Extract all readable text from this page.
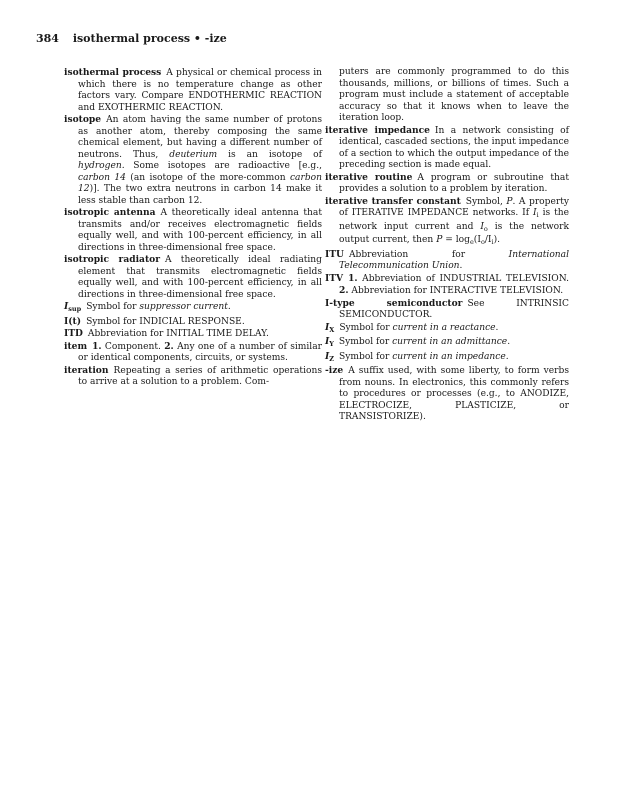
384 isothermal process • -ize

isothermal process A physical or chemical process in which there is no temperature change as other factors vary. Compare ENDOTHERMIC REACTION and EXOTHERMIC REACTION.

isotope An atom having the same number of protons as another atom, thereby composing the same chemical element, but having a different number of neutrons. Thus, deuterium is an isotope of hydrogen. Some isotopes are radioactive [e.g., carbon 14 (an isotope of the more-common carbon 12)]. The two extra neutrons in carbon 14 make it less stable than carbon 12.

isotropic antenna A theoretically ideal antenna that transmits and/or receives electromagnetic fields equally well, and with 100-percent efficiency, in all directions in three-dimensional free space.

isotropic radiator A theoretically ideal radiating element that transmits electromagnetic fields equally well, and with 100-percent efficiency, in all directions in three-dimensional free space.

$I_{sup}$ Symbol for suppressor current.

I(t) Symbol for INDICIAL RESPONSE.

ITD Abbreviation for INITIAL TIME DELAY.

item 1. Component. 2. Any one of a number of similar or identical components, circuits, or systems.

iteration Repeating a series of arithmetic operations to arrive at a solution to a problem. Com-

puters are commonly programmed to do this thousands, millions, or billions of times. Such a program must include a statement of acceptable accuracy so that it knows when to leave the iteration loop.

iterative impedance In a network consisting of identical, cascaded sections, the input impedance of a section to which the output impedance of the preceding section is made equal.

iterative routine A program or subroutine that provides a solution to a problem by iteration.

iterative transfer constant Symbol, P. A property of ITERATIVE IMPEDANCE networks. If $I_i$ is the network input current and $I_o$ is the network output current, then $P = \log_e(I_o/I_i)$.

ITU Abbreviation for	International Telecommunication Union.

ITV 1. Abbreviation of INDUSTRIAL TELEVISION. 2. Abbreviation for INTERACTIVE TELEVISION.

I-type semiconductor See INTRINSIC SEMICONDUCTOR.

$I_X$ Symbol for current in a reactance.

$I_Y$ Symbol for current in an admittance.

$I_Z$ Symbol for current in an impedance.

-ize A suffix used, with some liberty, to form verbs from nouns. In electronics, this commonly refers to procedures or processes (e.g., to ANODIZE, ELECTROCIZE, PLASTICIZE, or TRANSISTORIZE).
